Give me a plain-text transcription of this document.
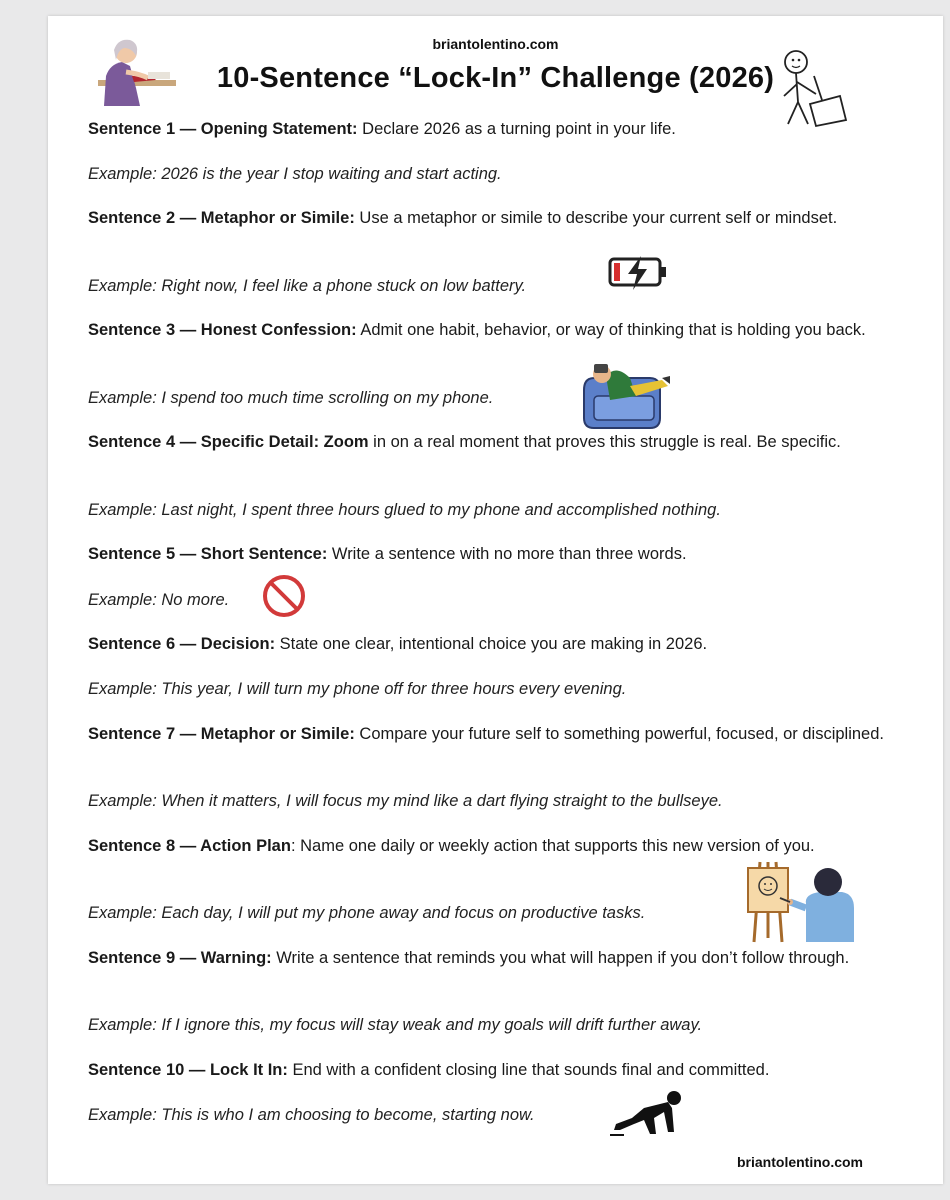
briantolentino.com
10-Sentence “Lock-In” Challenge (2026)
Sentence 1 — Opening Statement: Declare 2026 as a turning point in your life.
Example: 2026 is the year I stop waiting and start acting.
Sentence 2 — Metaphor or Simile: Use a metaphor or simile to describe your current self or mindset.
Example: Right now, I feel like a phone stuck on low battery.
Sentence 3 — Honest Confession: Admit one habit, behavior, or way of thinking that is holding you back.
Example: I spend too much time scrolling on my phone.
Sentence 4 — Specific Detail: Zoom in on a real moment that proves this struggle is real. Be specific.
Example: Last night, I spent three hours glued to my phone and accomplished nothing.
Sentence 5 — Short Sentence: Write a sentence with no more than three words.
Example: No more.
Sentence 6 — Decision: State one clear, intentional choice you are making in 2026.
Example: This year, I will turn my phone off for three hours every evening.
Sentence 7 — Metaphor or Simile: Compare your future self to something powerful, focused, or disciplined.
Example: When it matters, I will focus my mind like a dart flying straight to the bullseye.
Sentence 8 — Action Plan: Name one daily or weekly action that supports this new version of you.
Example: Each day, I will put my phone away and focus on productive tasks.
Sentence 9 — Warning: Write a sentence that reminds you what will happen if you don’t follow through.
Example: If I ignore this, my focus will stay weak and my goals will drift further away.
Sentence 10 — Lock It In: End with a confident closing line that sounds final and committed.
Example: This is who I am choosing to become, starting now.
briantolentino.com
